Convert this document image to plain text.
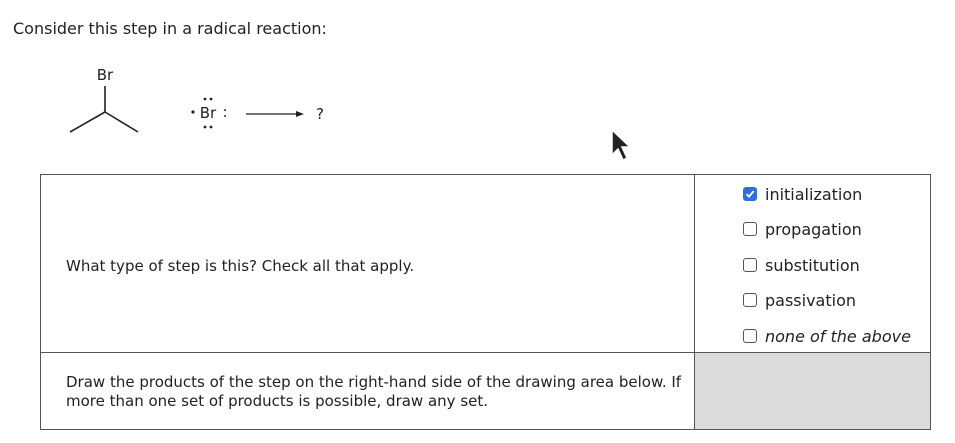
Consider this step in a radical reaction:
Br
Br :	?
What type of step is this? Check all that apply.
initialization
propagation
substitution
passivation
none of the above
Draw the products of the step on the right-hand side of the drawing area below. If more than one set of products is possible, draw any set.
